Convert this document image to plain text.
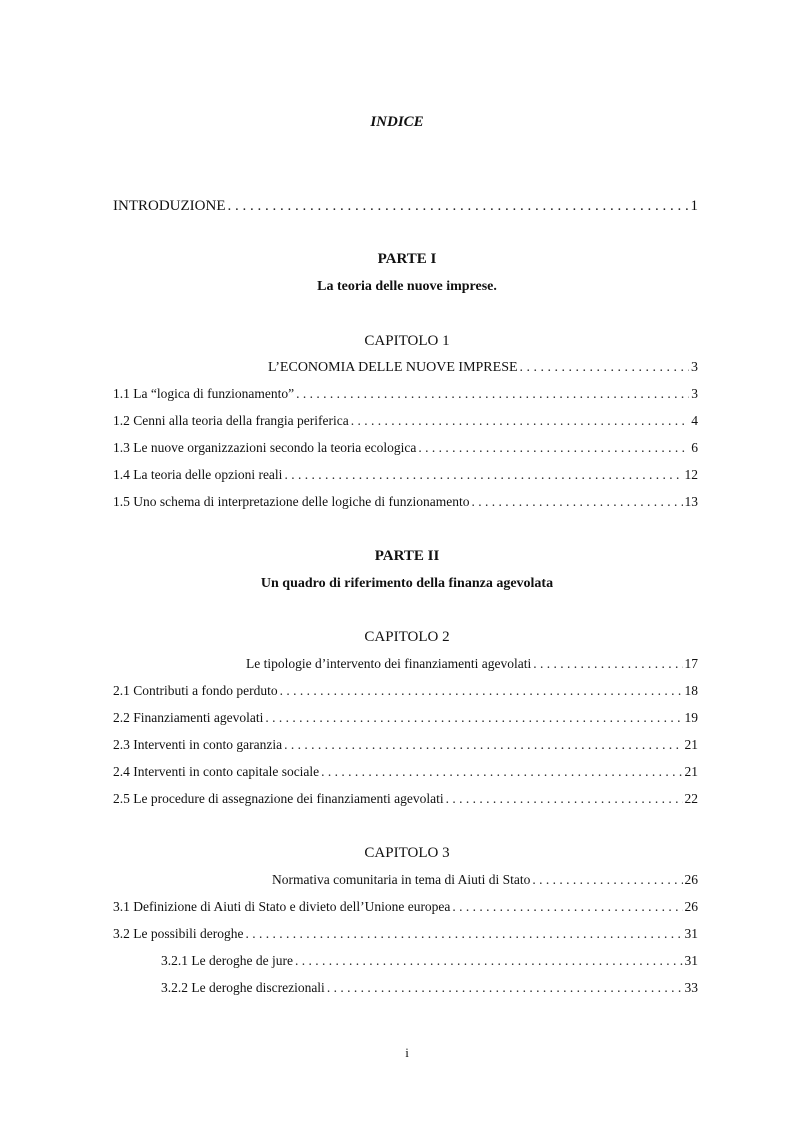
INDICE
INTRODUZIONE . . .	1
PARTE I
La teoria delle nuove imprese.
CAPITOLO 1
L’ECONOMIA DELLE NUOVE IMPRESE . . .	3
1.1 La “logica di funzionamento” . . .	3
1.2 Cenni alla teoria della frangia periferica . . .	4
1.3 Le nuove organizzazioni secondo la teoria ecologica . . .	6
1.4 La teoria delle opzioni reali . . .	12
1.5 Uno schema di interpretazione delle logiche di funzionamento . . .	13
PARTE II
Un quadro di riferimento della finanza agevolata
CAPITOLO 2
Le tipologie d’intervento dei finanziamenti agevolati . . .	17
2.1 Contributi a fondo perduto . . .	18
2.2 Finanziamenti agevolati . . .	19
2.3 Interventi in conto garanzia . . .	21
2.4 Interventi in conto capitale sociale . . .	21
2.5 Le procedure di assegnazione dei finanziamenti agevolati . . .	22
CAPITOLO 3
Normativa comunitaria in tema di Aiuti di Stato . . .	26
3.1 Definizione di Aiuti di Stato e divieto dell’Unione europea . . .	26
3.2 Le possibili deroghe . . .	31
3.2.1 Le deroghe de jure . . .	31
3.2.2 Le deroghe discrezionali . . .	33
i
